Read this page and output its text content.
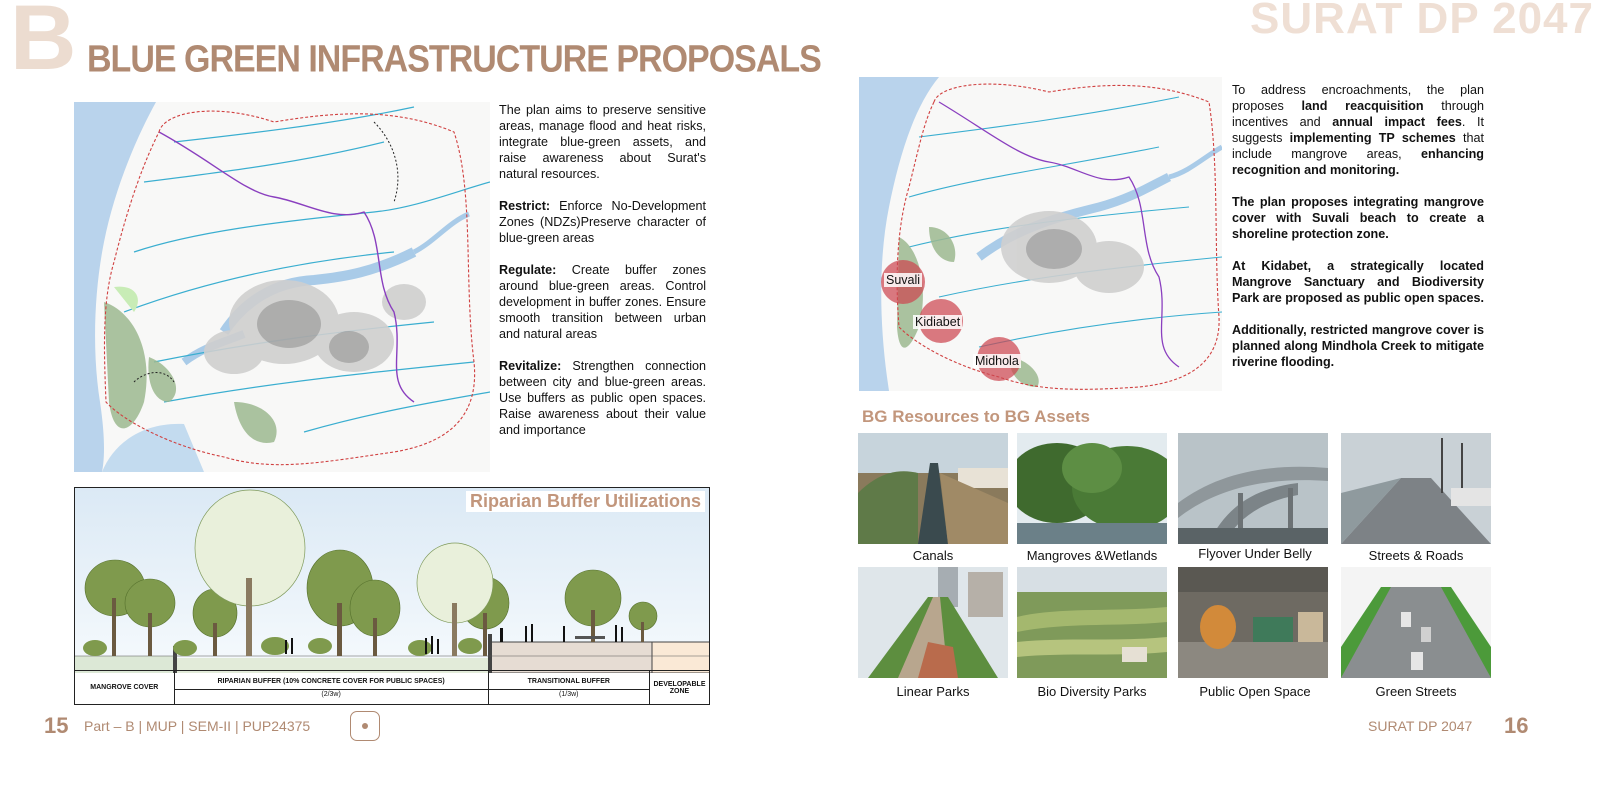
B BLUE GREEN INFRASTRUCTURE PROPOSALS
SURAT DP 2047

The plan aims to preserve sensitive areas, manage flood and heat risks, integrate blue-green assets, and raise awareness about Surat's natural resources.

Restrict: Enforce No-Development Zones (NDZs)Preserve character of blue-green areas

Regulate: Create buffer zones around blue-green areas. Control development in buffer zones. Ensure smooth transition between urban and natural areas

Revitalize: Strengthen connection between city and blue-green areas. Use buffers as public open spaces. Raise awareness about their value and importance

Riparian Buffer Utilizations
MANGROVE COVER
RIPARIAN BUFFER (10% CONCRETE COVER FOR PUBLIC SPACES)
(2/3w)
TRANSITIONAL BUFFER
(1/3w)
DEVELOPABLE ZONE
15 Part – B | MUP | SEM-II | PUP24375
Suvali
Kidiabet
Midhola

To address encroachments, the plan proposes land reacquisition through incentives and annual impact fees. It suggests implementing TP schemes that include mangrove areas, enhancing recognition and monitoring.

The plan proposes integrating mangrove cover with Suvali beach to create a shoreline protection zone.

At Kidabet, a strategically located Mangrove Sanctuary and Biodiversity Park are proposed as public open spaces.

Additionally, restricted mangrove cover is planned along Mindhola Creek to mitigate riverine flooding.

BG Resources to BG Assets
Canals	Mangroves &Wetlands	Flyover Under Belly	Streets & Roads
Linear Parks	Bio Diversity Parks	Public Open Space	Green Streets
SURAT DP 2047 16
